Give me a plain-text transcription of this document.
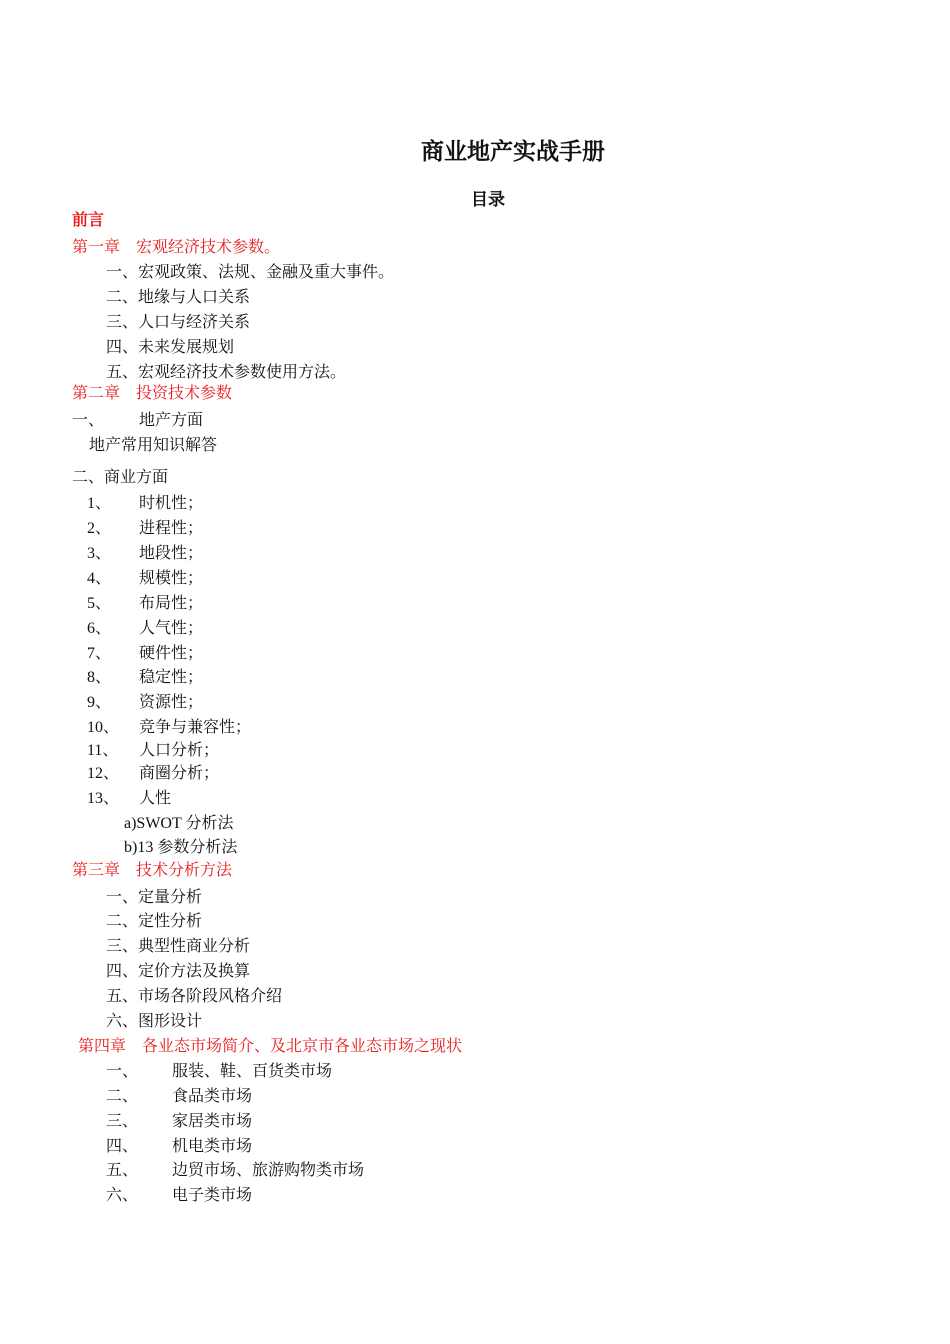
商业地产实战手册
目录
前言
第一章　宏观经济技术参数。
一、宏观政策、法规、金融及重大事件。
二、地缘与人口关系
三、人口与经济关系
四、未来发展规划
五、宏观经济技术参数使用方法。
第二章　投资技术参数
一、 地产方面
地产常用知识解答
二、商业方面
1、 时机性；
2、 进程性；
3、 地段性；
4、 规模性；
5、 布局性；
6、 人气性；
7、 硬件性；
8、 稳定性；
9、 资源性；
10、 竞争与兼容性；
11、 人口分析；
12、 商圈分析；
13、 人性
a)SWOT 分析法
b)13 参数分析法
第三章　技术分析方法
一、定量分析
二、定性分析
三、典型性商业分析
四、定价方法及换算
五、市场各阶段风格介绍
六、图形设计
第四章　各业态市场简介、及北京市各业态市场之现状
一、 服装、鞋、百货类市场
二、 食品类市场
三、 家居类市场
四、 机电类市场
五、 边贸市场、旅游购物类市场
六、 电子类市场
